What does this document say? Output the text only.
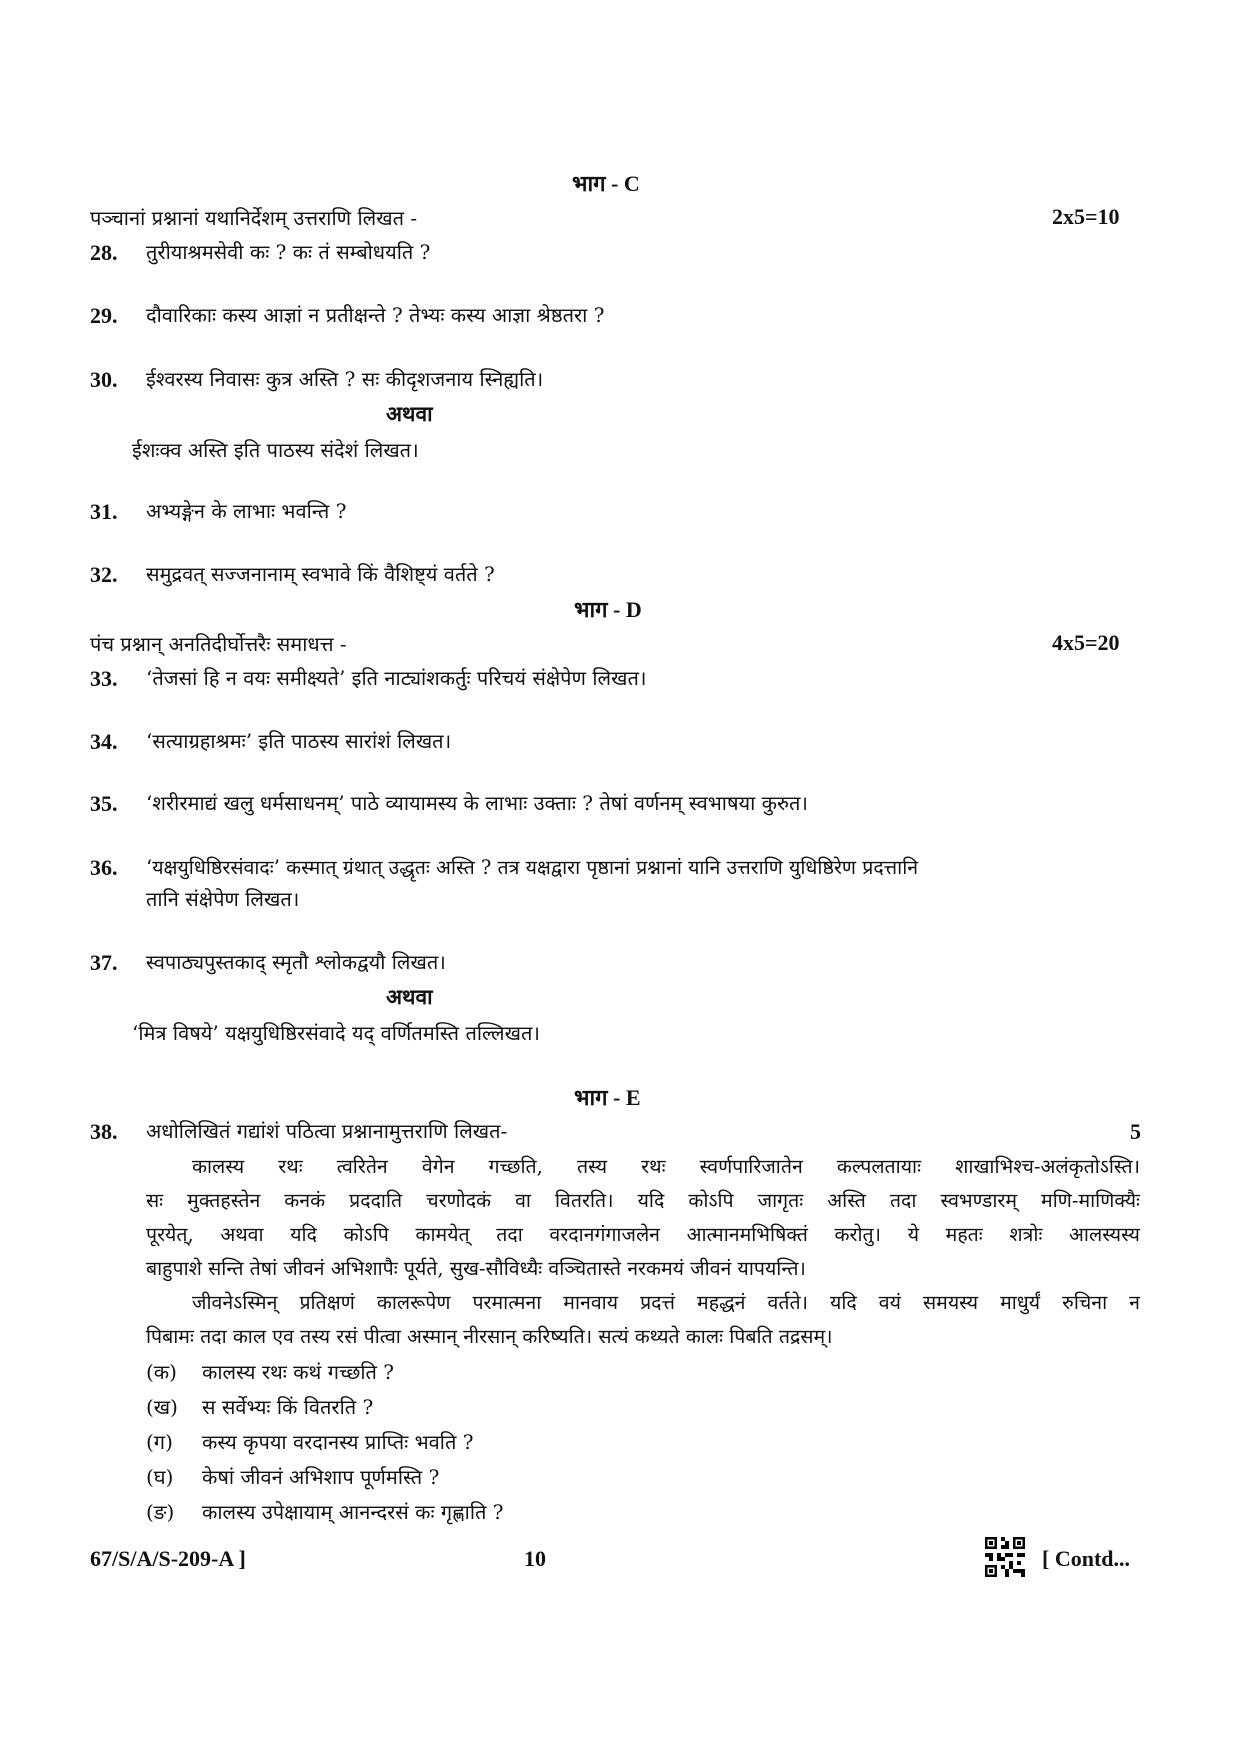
भाग - C
पञ्चानां प्रश्नानां यथानिर्देशम् उत्तराणि लिखत -	2x5=10
28. तुरीयाश्रमसेवी कः ? कः तं सम्बोधयति ?
29. दौवारिकाः कस्य आज्ञां न प्रतीक्षन्ते ? तेभ्यः कस्य आज्ञा श्रेष्ठतरा ?
30. ईश्वरस्य निवासः कुत्र अस्ति ? सः कीदृशजनाय स्निह्यति।
अथवा
ईशःक्व अस्ति इति पाठस्य संदेशं लिखत।
31. अभ्यङ्गेन के लाभाः भवन्ति ?
32. समुद्रवत् सज्जनानाम् स्वभावे किं वैशिष्ट्यं वर्तते ?
भाग - D
पंच प्रश्नान् अनतिदीर्घोत्तरैः समाधत्त -	4x5=20
33. ‘तेजसां हि न वयः समीक्ष्यते’ इति नाट्यांशकर्तुः परिचयं संक्षेपेण लिखत।
34. ‘सत्याग्रहाश्रमः’ इति पाठस्य सारांशं लिखत।
35. ‘शरीरमाद्यं खलु धर्मसाधनम्’ पाठे व्यायामस्य के लाभाः उक्ताः ? तेषां वर्णनम् स्वभाषया कुरुत।
36. ‘यक्षयुधिष्ठिरसंवादः’ कस्मात् ग्रंथात् उद्धृतः अस्ति ? तत्र यक्षद्वारा पृष्ठानां प्रश्नानां यानि उत्तराणि युधिष्ठिरेण प्रदत्तानि
तानि संक्षेपेण लिखत।
37. स्वपाठ्यपुस्तकाद् स्मृतौ श्लोकद्वयौ लिखत।
अथवा
‘मित्र विषये’ यक्षयुधिष्ठिरसंवादे यद् वर्णितमस्ति तल्लिखत।
भाग - E
38. अधोलिखितं गद्यांशं पठित्वा प्रश्नानामुत्तराणि लिखत-	5
कालस्य रथः त्वरितेन वेगेन गच्छति, तस्य रथः स्वर्णपारिजातेन कल्पलतायाः शाखाभिश्च-अलंकृतोऽस्ति।
सः मुक्तहस्तेन कनकं प्रददाति चरणोदकं वा वितरति। यदि कोऽपि जागृतः अस्ति तदा स्वभण्डारम् मणि-माणिक्यैः
पूरयेत्, अथवा यदि कोऽपि कामयेत् तदा वरदानगंगाजलेन आत्मानमभिषिक्तं करोतु। ये महतः शत्रोः आलस्यस्य
बाहुपाशे सन्ति तेषां जीवनं अभिशापैः पूर्यते, सुख-सौविध्यैः वञ्चितास्ते नरकमयं जीवनं यापयन्ति।
जीवनेऽस्मिन् प्रतिक्षणं कालरूपेण परमात्मना मानवाय प्रदत्तं महद्धनं वर्तते। यदि वयं समयस्य माधुर्यं रुचिना न
पिबामः तदा काल एव तस्य रसं पीत्वा अस्मान् नीरसान् करिष्यति। सत्यं कथ्यते कालः पिबति तद्रसम्।
(क) कालस्य रथः कथं गच्छति ?
(ख) स सर्वेभ्यः किं वितरति ?
(ग) कस्य कृपया वरदानस्य प्राप्तिः भवति ?
(घ) केषां जीवनं अभिशाप पूर्णमस्ति ?
(ङ) कालस्य उपेक्षायाम् आनन्दरसं कः गृह्णाति ?
67/S/A/S-209-A ]	10	[ Contd...
